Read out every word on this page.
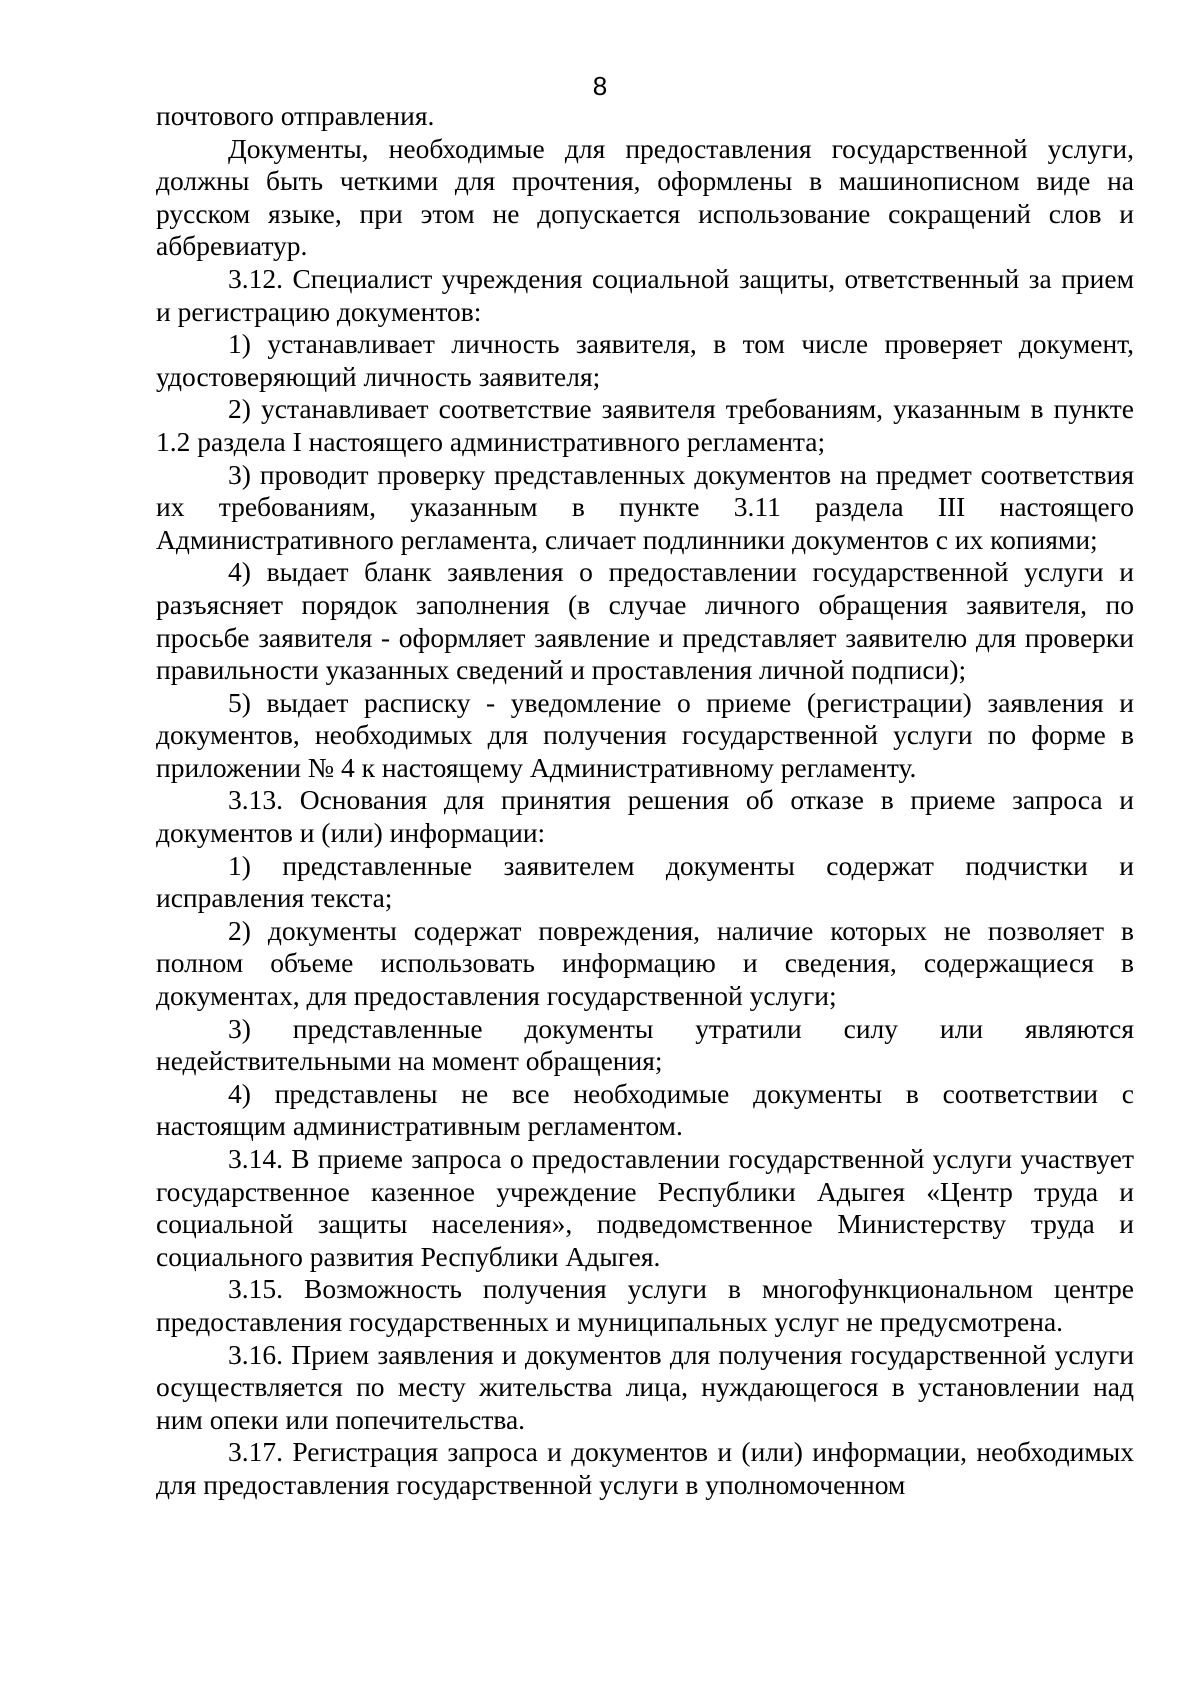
8

почтового отправления.

Документы, необходимые для предоставления государственной услуги, должны быть четкими для прочтения, оформлены в машинописном виде на русском языке, при этом не допускается использование сокращений слов и аббревиатур.

3.12. Специалист учреждения социальной защиты, ответственный за прием и регистрацию документов:

1) устанавливает личность заявителя, в том числе проверяет документ, удостоверяющий личность заявителя;

2) устанавливает соответствие заявителя требованиям, указанным в пункте 1.2 раздела I настоящего административного регламента;

3) проводит проверку представленных документов на предмет соответствия их требованиям, указанным в пункте 3.11 раздела III настоящего Административного регламента, сличает подлинники документов с их копиями;

4) выдает бланк заявления о предоставлении государственной услуги и разъясняет порядок заполнения (в случае личного обращения заявителя, по просьбе заявителя - оформляет заявление и представляет заявителю для проверки правильности указанных сведений и проставления личной подписи);

5) выдает расписку - уведомление о приеме (регистрации) заявления и документов, необходимых для получения государственной услуги по форме в приложении № 4 к настоящему Административному регламенту.

3.13. Основания для принятия решения об отказе в приеме запроса и документов и (или) информации:

1) представленные заявителем документы содержат подчистки и исправления текста;

2) документы содержат повреждения, наличие которых не позволяет в полном объеме использовать информацию и сведения, содержащиеся в документах, для предоставления государственной услуги;

3) представленные документы утратили силу или являются недействительными на момент обращения;

4) представлены не все необходимые документы в соответствии с настоящим административным регламентом.

3.14. В приеме запроса о предоставлении государственной услуги участвует государственное казенное учреждение Республики Адыгея «Центр труда и социальной защиты населения», подведомственное Министерству труда и социального развития Республики Адыгея.

3.15. Возможность получения услуги в многофункциональном центре предоставления государственных и муниципальных услуг не предусмотрена.

3.16. Прием заявления и документов для получения государственной услуги осуществляется по месту жительства лица, нуждающегося в установлении над ним опеки или попечительства.

3.17. Регистрация запроса и документов и (или) информации, необходимых для предоставления государственной услуги в уполномоченном
